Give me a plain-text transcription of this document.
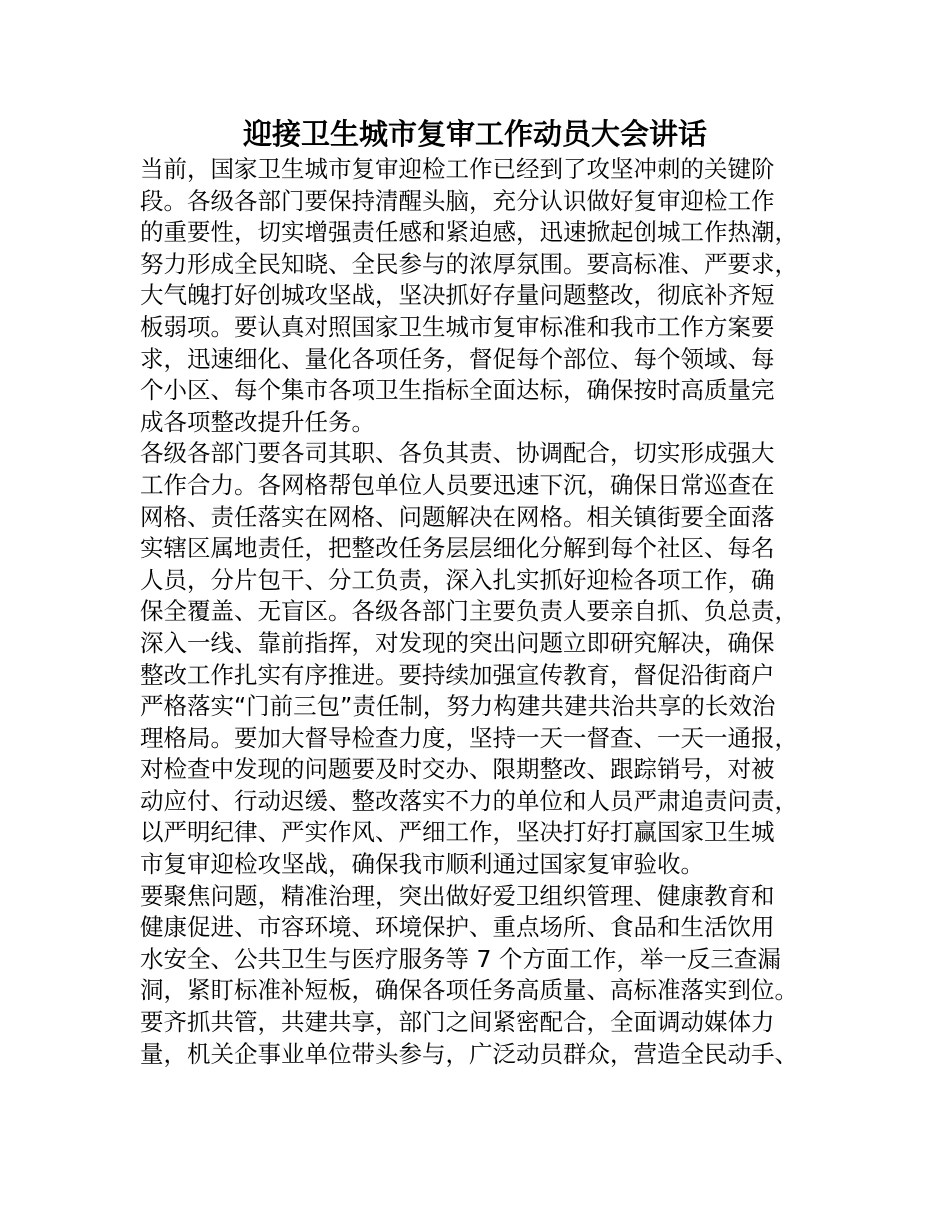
迎接卫生城市复审工作动员大会讲话

当前，国家卫生城市复审迎检工作已经到了攻坚冲刺的关键阶
段。各级各部门要保持清醒头脑，充分认识做好复审迎检工作
的重要性，切实增强责任感和紧迫感，迅速掀起创城工作热潮，
努力形成全民知晓、全民参与的浓厚氛围。要高标准、严要求，
大气魄打好创城攻坚战，坚决抓好存量问题整改，彻底补齐短
板弱项。要认真对照国家卫生城市复审标准和我市工作方案要
求，迅速细化、量化各项任务，督促每个部位、每个领域、每
个小区、每个集市各项卫生指标全面达标，确保按时高质量完
成各项整改提升任务。

各级各部门要各司其职、各负其责、协调配合，切实形成强大
工作合力。各网格帮包单位人员要迅速下沉，确保日常巡查在
网格、责任落实在网格、问题解决在网格。相关镇街要全面落
实辖区属地责任，把整改任务层层细化分解到每个社区、每名
人员，分片包干、分工负责，深入扎实抓好迎检各项工作，确
保全覆盖、无盲区。各级各部门主要负责人要亲自抓、负总责，
深入一线、靠前指挥，对发现的突出问题立即研究解决，确保
整改工作扎实有序推进。要持续加强宣传教育，督促沿街商户
严格落实“门前三包”责任制，努力构建共建共治共享的长效治
理格局。要加大督导检查力度，坚持一天一督查、一天一通报，
对检查中发现的问题要及时交办、限期整改、跟踪销号，对被
动应付、行动迟缓、整改落实不力的单位和人员严肃追责问责，
以严明纪律、严实作风、严细工作，坚决打好打赢国家卫生城
市复审迎检攻坚战，确保我市顺利通过国家复审验收。

要聚焦问题，精准治理，突出做好爱卫组织管理、健康教育和
健康促进、市容环境、环境保护、重点场所、食品和生活饮用
水安全、公共卫生与医疗服务等 7 个方面工作，举一反三查漏
洞，紧盯标准补短板，确保各项任务高质量、高标准落实到位。

要齐抓共管，共建共享，部门之间紧密配合，全面调动媒体力
量，机关企事业单位带头参与，广泛动员群众，营造全民动手、
